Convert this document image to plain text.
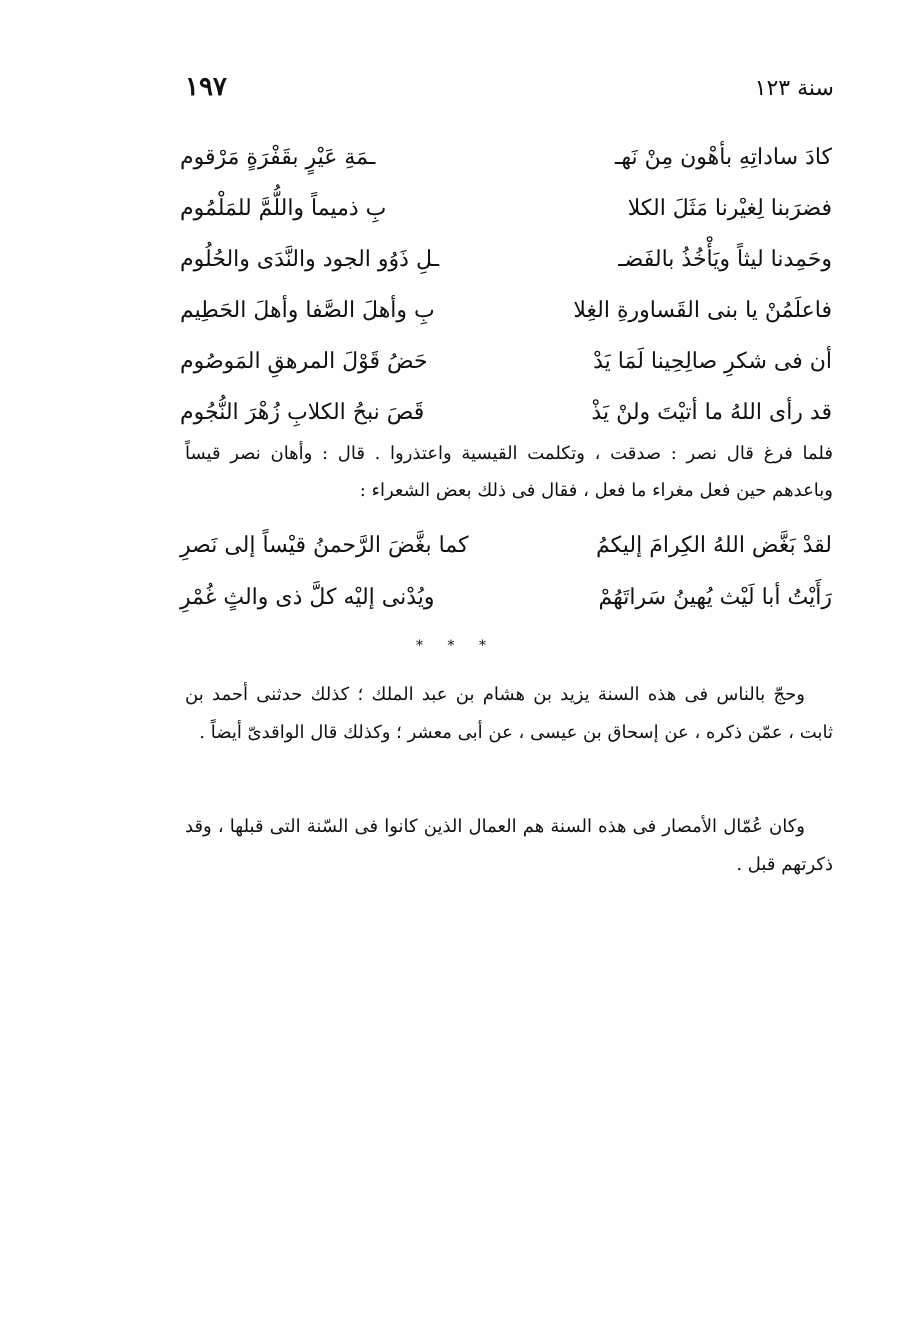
١٩٧	سنة ١٢٣
كادَ ساداتِهِ بأهْون مِنْ نَهـ
ـمَةِ عَيْرٍ بقَفْرَةٍ مَرْقوم
فضرَبنا لِغيْرنا مَثَلَ الكلا
بِ ذميماً واللُّمَّ للمَلْمُوم
وحَمِدنا ليثاً ويَأْخُذُ بالفَضـ
ـلِ ذَوُو الجود والنَّدَى والحُلُوم
فاعلَمُنْ يا بنى القَساورةِ الغِلا
بِ وأهلَ الصَّفا وأهلَ الحَطِيم
أن فى شكرِ صالِحِينا لَمَا يَدْ
حَضُ قَوْلَ المرهقِ المَوصُوم
قد رأى اللهُ ما أتيْتَ ولنْ يَذْ
قَصَ نبحُ الكلابِ زُهْرَ النُّجُوم

فلما فرغ قال نصر : صدقت ، وتكلمت القيسية واعتذروا . قال : وأهان نصر قيساً وباعدهم حين فعل مغراء ما فعل ، فقال فى ذلك بعض الشعراء :

لقدْ بَغَّض اللهُ الكِرامَ إليكمُ
كما بغَّضَ الرَّحمنُ قيْساً إلى نَصرِ
رَأَيْتُ أبا لَيْث يُهينُ سَراتَهُمْ
ويُدْنى إليْه كلَّ ذى والثٍ غُمْرِ
* * *

وحجّ بالناس فى هذه السنة يزيد بن هشام بن عبد الملك ؛ كذلك حدثنى أحمد بن ثابت ، عمّن ذكره ، عن إسحاق بن عيسى ، عن أبى معشر ؛ وكذلك قال الواقدىّ أيضاً .

وكان عُمّال الأمصار فى هذه السنة هم العمال الذين كانوا فى السّنة التى قبلها ، وقد ذكرتهم قبل .
